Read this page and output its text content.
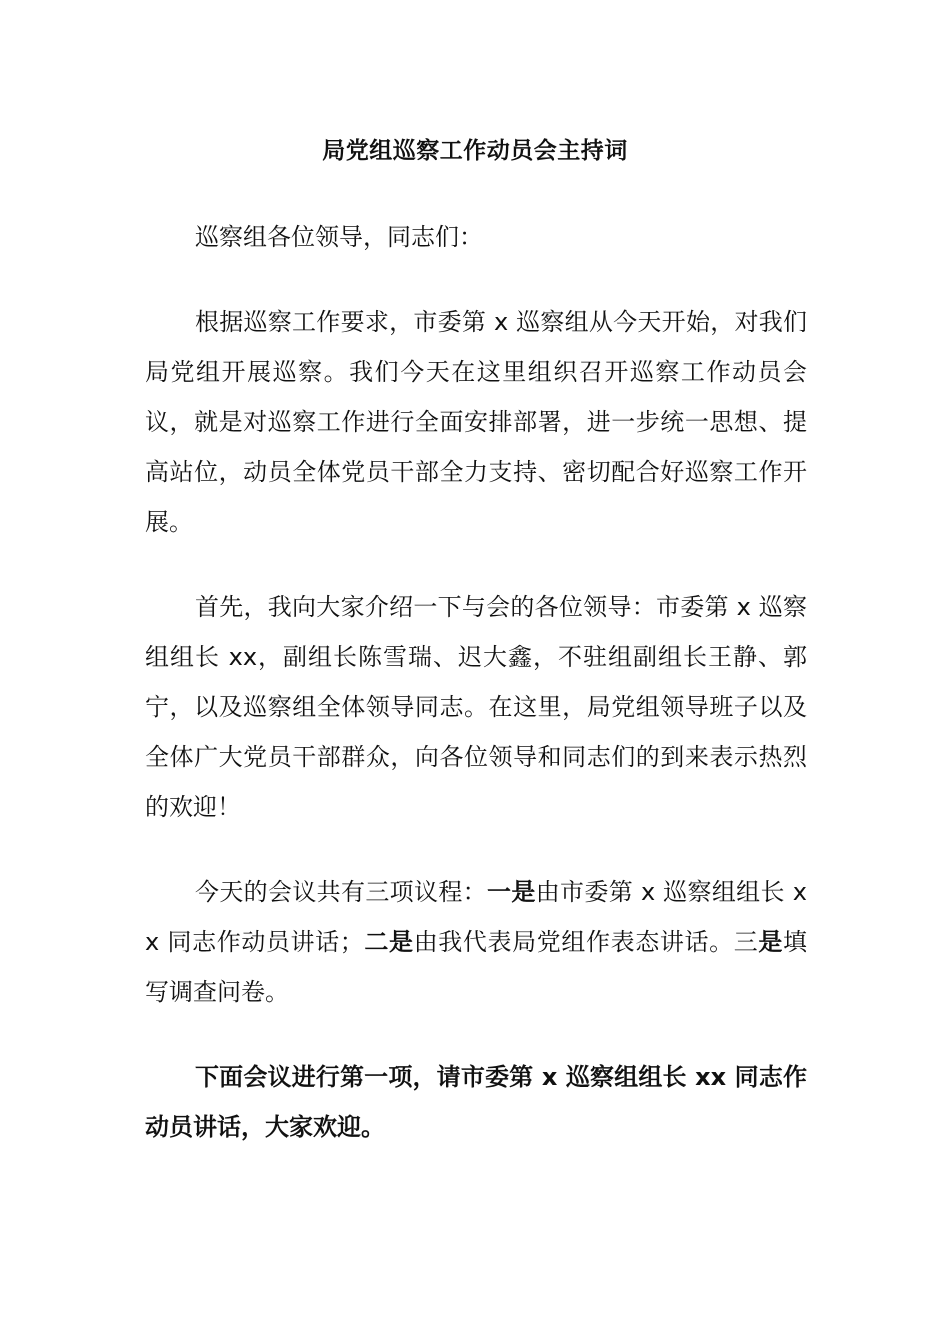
局党组巡察工作动员会主持词

巡察组各位领导，同志们：

根据巡察工作要求，市委第 x 巡察组从今天开始，对我们局党组开展巡察。我们今天在这里组织召开巡察工作动员会议，就是对巡察工作进行全面安排部署，进一步统一思想、提高站位，动员全体党员干部全力支持、密切配合好巡察工作开展。

首先，我向大家介绍一下与会的各位领导：市委第 x 巡察组组长 xx，副组长陈雪瑞、迟大鑫，不驻组副组长王静、郭宁，以及巡察组全体领导同志。在这里，局党组领导班子以及全体广大党员干部群众，向各位领导和同志们的到来表示热烈的欢迎！

今天的会议共有三项议程：一是由市委第 x 巡察组组长 xx 同志作动员讲话；二是由我代表局党组作表态讲话。三是填写调查问卷。

下面会议进行第一项，请市委第 x 巡察组组长 xx 同志作动员讲话，大家欢迎。
